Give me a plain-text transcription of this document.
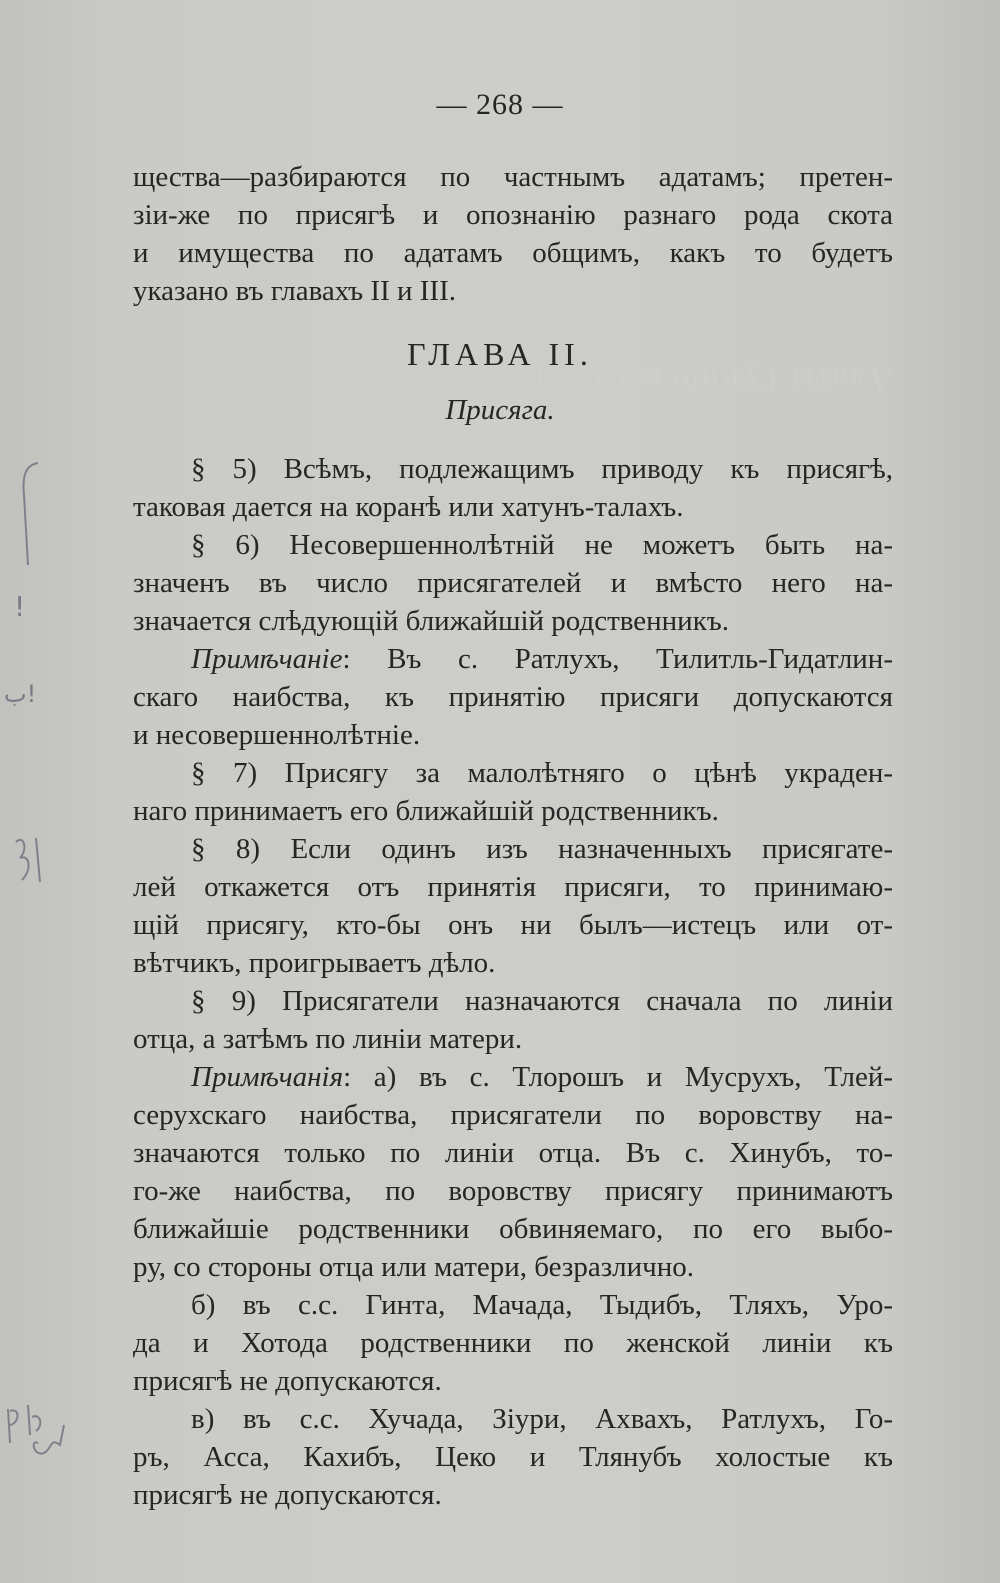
Адаты Гунибскаго округа
— 268 —
щества—разбираются по частнымъ адатамъ; претен-
зіи-же по присягѣ и опознанію разнаго рода скота
и имущества по адатамъ общимъ, какъ то будетъ
указано въ главахъ II и III.
ГЛАВА II.
Присяга.
§ 5) Всѣмъ, подлежащимъ приводу къ присягѣ,
таковая дается на коранѣ или хатунъ-талахъ.
§ 6) Несовершеннолѣтній не можетъ быть на-
значенъ въ число присягателей и вмѣсто него на-
значается слѣдующій ближайшій родственникъ.
Примѣчаніе: Въ с. Ратлухъ, Тилитль-Гидатлин-
скаго наибства, къ принятію присяги допускаются
и несовершеннолѣтніе.
§ 7) Присягу за малолѣтняго о цѣнѣ украден-
наго принимаетъ его ближайшій родственникъ.
§ 8) Если одинъ изъ назначенныхъ присягате-
лей откажется отъ принятія присяги, то принимаю-
щій присягу, кто-бы онъ ни былъ—истецъ или от-
вѣтчикъ, проигрываетъ дѣло.
§ 9) Присягатели назначаются сначала по линіи
отца, а затѣмъ по линіи матери.
Примѣчанія: а) въ с. Тлорошъ и Мусрухъ, Тлей-
серухскаго наибства, присягатели по воровству на-
значаются только по линіи отца. Въ с. Хинубъ, то-
го-же наибства, по воровству присягу принимаютъ
ближайшіе родственники обвиняемаго, по его выбо-
ру, со стороны отца или матери, безразлично.
б) въ с.с. Гинта, Мачада, Тыдибъ, Тляхъ, Уро-
да и Хотода родственники по женской линіи къ
присягѣ не допускаются.
в) въ с.с. Хучада, Зіури, Ахвахъ, Ратлухъ, Го-
ръ, Асса, Кахибъ, Цеко и Тлянубъ холостые къ
присягѣ не допускаются.
!
ب!
